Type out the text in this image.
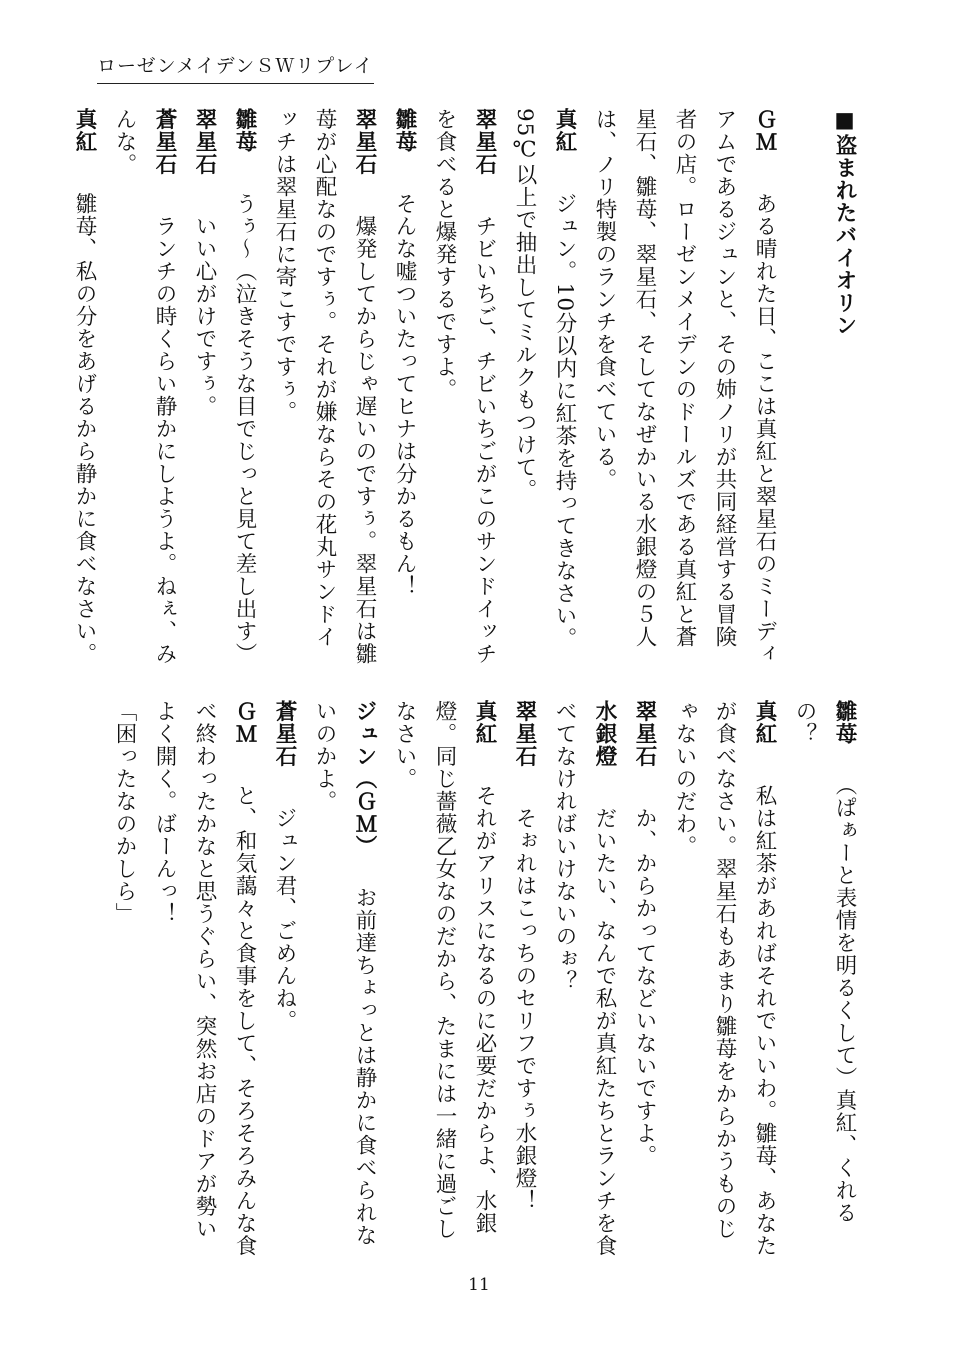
ローゼンメイデンＳＷリプレイ
■盗まれたバイオリン

ＧＭ　ある晴れた日、ここは真紅と翠星石のミーディアムであるジュンと、その姉ノリが共同経営する冒険者の店。ローゼンメイデンのドールズである真紅と蒼星石、雛苺、翠星石、そしてなぜかいる水銀燈の５人は、ノリ特製のランチを食べている。

真紅　ジュン。10分以内に紅茶を持ってきなさい。95℃以上で抽出してミルクもつけて。

翠星石　チビいちご、チビいちごがこのサンドイッチを食べると爆発するですよ。

雛苺　そんな嘘ついたってヒナは分かるもん！

翠星石　爆発してからじゃ遅いのですぅ。翠星石は雛苺が心配なのですぅ。それが嫌ならその花丸サンドイッチは翠星石に寄こすですぅ。

雛苺　うぅ～（泣きそうな目でじっと見て差し出す）

翠星石　いい心がけですぅ。

蒼星石　ランチの時くらい静かにしようよ。ねぇ、みんな。

真紅　雛苺、私の分をあげるから静かに食べなさい。

雛苺　（ぱぁーと表情を明るくして）真紅、くれるの？

真紅　私は紅茶があればそれでいいわ。雛苺、あなたが食べなさい。翠星石もあまり雛苺をからかうものじゃないのだわ。

翠星石　か、からかってなどいないですよ。

水銀燈　だいたい、なんで私が真紅たちとランチを食べてなければいけないのぉ？

翠星石　そぉれはこっちのセリフですぅ水銀燈！

真紅　それがアリスになるのに必要だからよ、水銀燈。同じ薔薇乙女なのだから、たまには一緒に過ごしなさい。

ジュン（ＧＭ）　お前達ちょっとは静かに食べられないのかよ。

蒼星石　ジュン君、ごめんね。

ＧＭ　と、和気藹々と食事をして、そろそろみんな食べ終わったかなと思うぐらい、突然お店のドアが勢いよく開く。ばーんっ！

「困ったなのかしら」

11
